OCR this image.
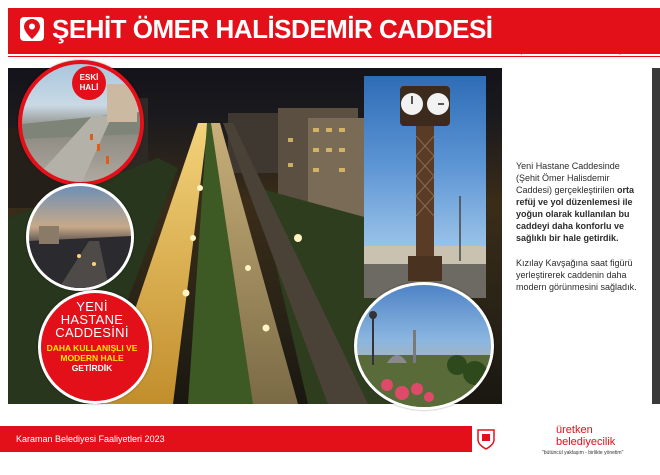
ŞEHİT ÖMER HALİSDEMİR CADDESİ
(YENİ HASTANE CADDESİ)
ESKİ
HALİ
YENİ
HASTANE
CADDESİNİ
DAHA KULLANIŞLI VE
MODERN HALE
GETİRDİK
Yeni Hastane Caddesinde (Şehit Ömer Halisdemir Caddesi) gerçekleştirilen orta refüj ve yol düzenlemesi ile yoğun olarak kullanılan bu caddeyi daha konforlu ve sağlıklı bir hale getirdik.
Kızılay Kavşağına saat figürü yerleştirerek caddenin daha modern görünmesini sağladık.
Karaman Belediyesi Faaliyetleri 2023
üretken
belediyecilik
"bütüncül yaklaşım - birlikte yönetim"
